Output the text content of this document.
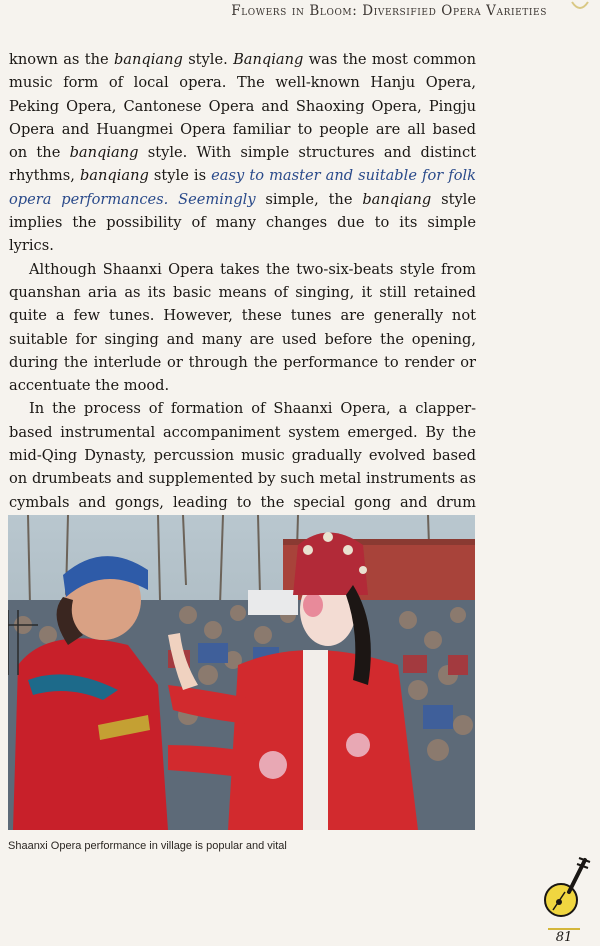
Flowers in Bloom: Diversified Opera Varieties

known as the banqiang style. Banqiang was the most common music form of local opera. The well-known Hanju Opera, Peking Opera, Cantonese Opera and Shaoxing Opera, Pingju Opera and Huangmei Opera familiar to people are all based on the banqiang style. With simple structures and distinct rhythms, banqiang style is easy to master and suitable for folk opera performances. Seemingly simple, the banqiang style implies the possibility of many changes due to its simple lyrics.

Although Shaanxi Opera takes the two-six-beats style from quanshan aria as its basic means of singing, it still retained quite a few tunes. However, these tunes are generally not suitable for singing and many are used before the opening, during the interlude or through the performance to render or accentuate the mood.

In the process of formation of Shaanxi Opera, a clapper-based instrumental accompaniment system emerged. By the mid-Qing Dynasty, percussion music gradually evolved based on drumbeats and supplemented by such metal instruments as cymbals and gongs, leading to the special gong and drum

Shaanxi Opera performance in village is popular and vital
81
